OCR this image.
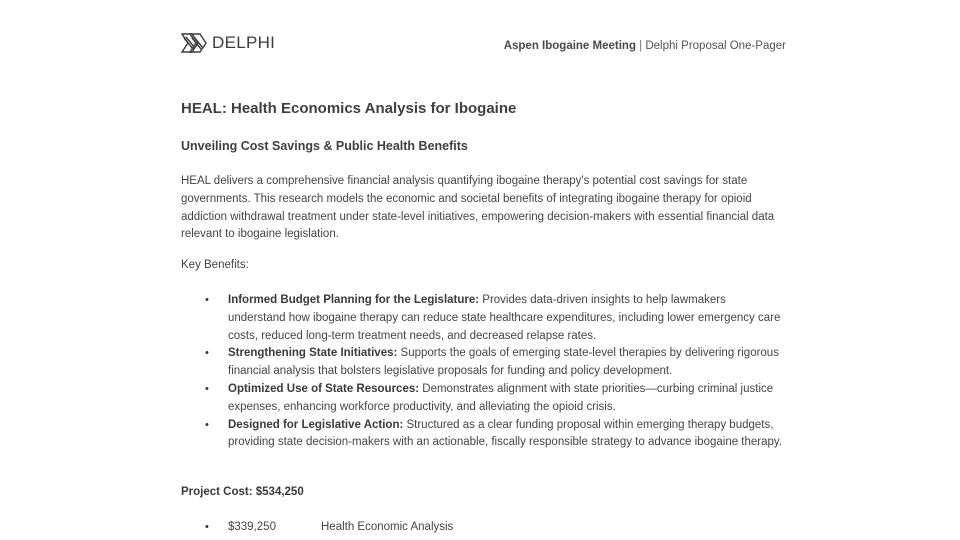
DELPHI	Aspen Ibogaine Meeting | Delphi Proposal One-Pager
HEAL: Health Economics Analysis for Ibogaine
Unveiling Cost Savings & Public Health Benefits

HEAL delivers a comprehensive financial analysis quantifying ibogaine therapy's potential cost savings for state governments. This research models the economic and societal benefits of integrating ibogaine therapy for opioid addiction withdrawal treatment under state-level initiatives, empowering decision-makers with essential financial data relevant to ibogaine legislation.

Key Benefits:

• Informed Budget Planning for the Legislature: Provides data-driven insights to help lawmakers understand how ibogaine therapy can reduce state healthcare expenditures, including lower emergency care costs, reduced long-term treatment needs, and decreased relapse rates.
• Strengthening State Initiatives: Supports the goals of emerging state-level therapies by delivering rigorous financial analysis that bolsters legislative proposals for funding and policy development.
• Optimized Use of State Resources: Demonstrates alignment with state priorities—curbing criminal justice expenses, enhancing workforce productivity, and alleviating the opioid crisis.
• Designed for Legislative Action: Structured as a clear funding proposal within emerging therapy budgets, providing state decision-makers with an actionable, fiscally responsible strategy to advance ibogaine therapy.

Project Cost: $534,250

• $339,250	Health Economic Analysis
